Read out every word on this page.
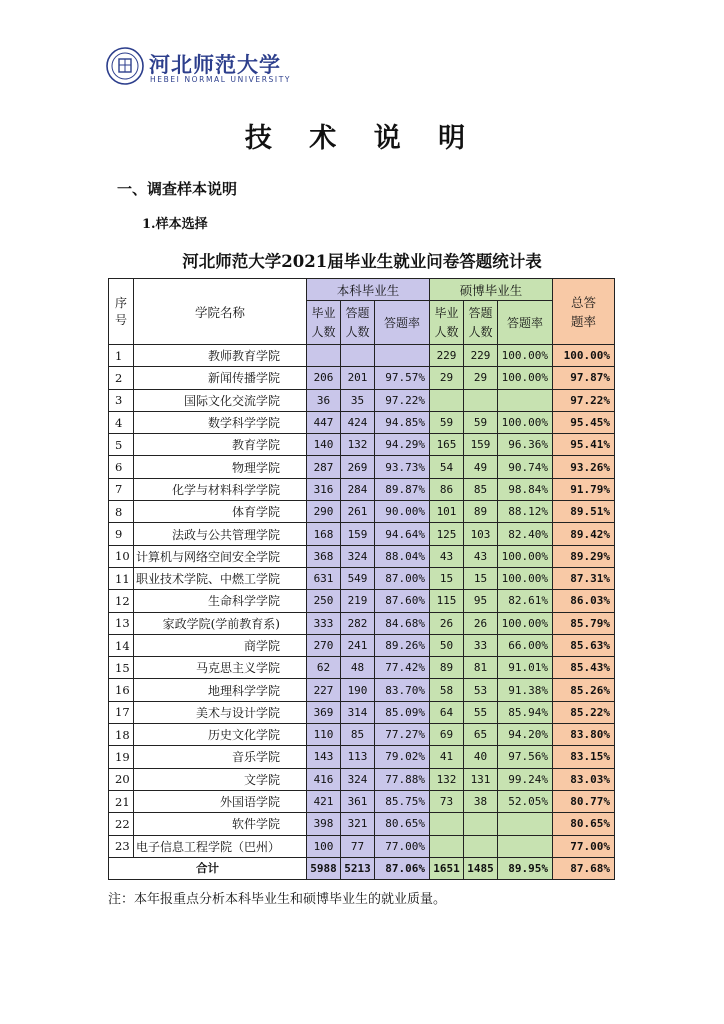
河北师范大学
HEBEI NORMAL UNIVERSITY
技 术 说 明
一、调查样本说明
1.样本选择
河北师范大学2021届毕业生就业问卷答题统计表
序
号	学院名称	本科毕业生			硕博毕业生			总答
题率
		毕业
人数	答题
人数	答题率	毕业
人数	答题
人数	答题率	

1	教师教育学院				229	229	100.00%	100.00%
2	新闻传播学院	206	201	97.57%	29	29	100.00%	97.87%
3	国际文化交流学院	36	35	97.22%				97.22%
4	数学科学学院	447	424	94.85%	59	59	100.00%	95.45%
5	教育学院	140	132	94.29%	165	159	96.36%	95.41%
6	物理学院	287	269	93.73%	54	49	90.74%	93.26%
7	化学与材料科学学院	316	284	89.87%	86	85	98.84%	91.79%
8	体育学院	290	261	90.00%	101	89	88.12%	89.51%
9	法政与公共管理学院	168	159	94.64%	125	103	82.40%	89.42%
10	计算机与网络空间安全学院	368	324	88.04%	43	43	100.00%	89.29%
11	职业技术学院、中燃工学院	631	549	87.00%	15	15	100.00%	87.31%
12	生命科学学院	250	219	87.60%	115	95	82.61%	86.03%
13	家政学院(学前教育系)	333	282	84.68%	26	26	100.00%	85.79%
14	商学院	270	241	89.26%	50	33	66.00%	85.63%
15	马克思主义学院	62	48	77.42%	89	81	91.01%	85.43%
16	地理科学学院	227	190	83.70%	58	53	91.38%	85.26%
17	美术与设计学院	369	314	85.09%	64	55	85.94%	85.22%
18	历史文化学院	110	85	77.27%	69	65	94.20%	83.80%
19	音乐学院	143	113	79.02%	41	40	97.56%	83.15%
20	文学院	416	324	77.88%	132	131	99.24%	83.03%
21	外国语学院	421	361	85.75%	73	38	52.05%	80.77%
22	软件学院	398	321	80.65%				80.65%
23	电子信息工程学院（巴州）	100	77	77.00%				77.00%
合计		5988	5213	87.06%	1651	1485	89.95%	87.68%
注：本年报重点分析本科毕业生和硕博毕业生的就业质量。
